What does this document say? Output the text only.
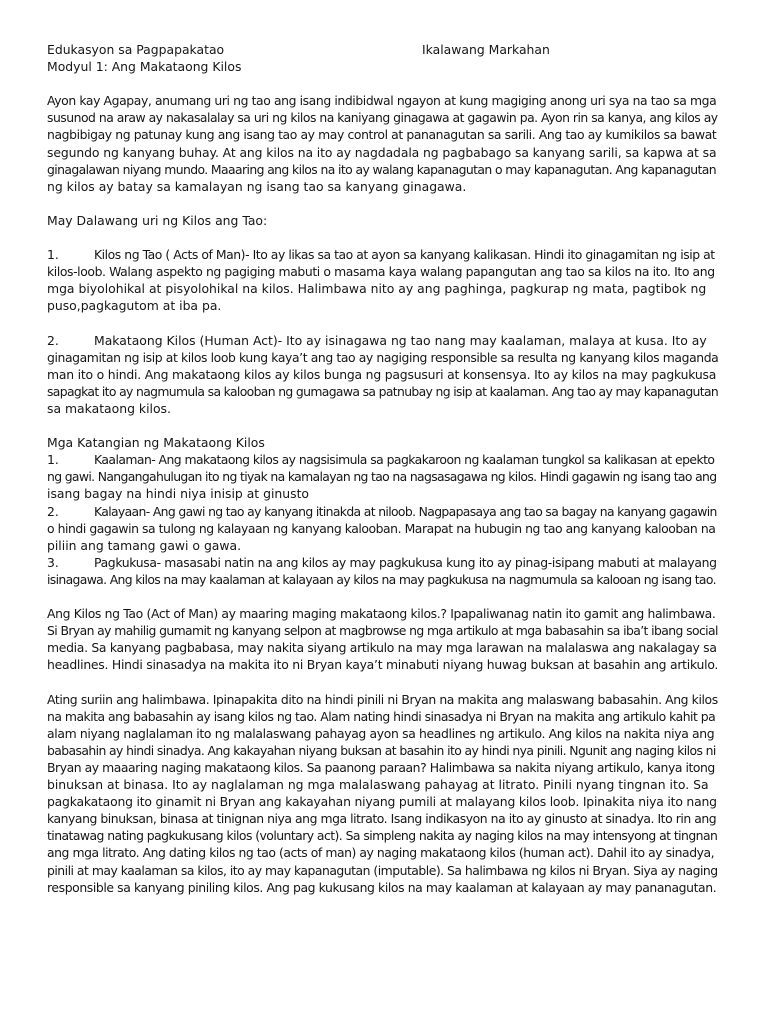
Edukasyon sa Pagpapakatao	Ikalawang Markahan
Modyul 1: Ang Makataong Kilos
Ayon kay Agapay, anumang uri ng tao ang isang indibidwal ngayon at kung magiging anong uri sya na tao sa mga
susunod na araw ay nakasalalay sa uri ng kilos na kaniyang ginagawa at gagawin pa. Ayon rin sa kanya, ang kilos ay
nagbibigay ng patunay kung ang isang tao ay may control at pananagutan sa sarili. Ang tao ay kumikilos sa bawat
segundo ng kanyang buhay. At ang kilos na ito ay nagdadala ng pagbabago sa kanyang sarili, sa kapwa at sa
ginagalawan niyang mundo. Maaaring ang kilos na ito ay walang kapanagutan o may kapanagutan. Ang kapanagutan
ng kilos ay batay sa kamalayan ng isang tao sa kanyang ginagawa.
May Dalawang uri ng Kilos ang Tao:
1.	Kilos ng Tao ( Acts of Man)- Ito ay likas sa tao at ayon sa kanyang kalikasan. Hindi ito ginagamitan ng isip at
kilos-loob. Walang aspekto ng pagiging mabuti o masama kaya walang papangutan ang tao sa kilos na ito. Ito ang
mga biyolohikal at pisyolohikal na kilos. Halimbawa nito ay ang paghinga, pagkurap ng mata, pagtibok ng
puso,pagkagutom at iba pa.
2.	Makataong Kilos (Human Act)- Ito ay isinagawa ng tao nang may kaalaman, malaya at kusa. Ito ay
ginagamitan ng isip at kilos loob kung kaya’t ang tao ay nagiging responsible sa resulta ng kanyang kilos maganda
man ito o hindi. Ang makataong kilos ay kilos bunga ng pagsusuri at konsensya. Ito ay kilos na may pagkukusa
sapagkat ito ay nagmumula sa kalooban ng gumagawa sa patnubay ng isip at kaalaman. Ang tao ay may kapanagutan
sa makataong kilos.
Mga Katangian ng Makataong Kilos
1.	Kaalaman- Ang makataong kilos ay nagsisimula sa pagkakaroon ng kaalaman tungkol sa kalikasan at epekto
ng gawi. Nangangahulugan ito ng tiyak na kamalayan ng tao na nagsasagawa ng kilos. Hindi gagawin ng isang tao ang
isang bagay na hindi niya inisip at ginusto
2.	Kalayaan- Ang gawi ng tao ay kanyang itinakda at niloob. Nagpapasaya ang tao sa bagay na kanyang gagawin
o hindi gagawin sa tulong ng kalayaan ng kanyang kalooban. Marapat na hubugin ng tao ang kanyang kalooban na
piliin ang tamang gawi o gawa.
3.	Pagkukusa- masasabi natin na ang kilos ay may pagkukusa kung ito ay pinag-isipang mabuti at malayang
isinagawa. Ang kilos na may kaalaman at kalayaan ay kilos na may pagkukusa na nagmumula sa kalooan ng isang tao.
Ang Kilos ng Tao (Act of Man) ay maaring maging makataong kilos.? Ipapaliwanag natin ito gamit ang halimbawa.
Si Bryan ay mahilig gumamit ng kanyang selpon at magbrowse ng mga artikulo at mga babasahin sa iba’t ibang social
media. Sa kanyang pagbabasa, may nakita siyang artikulo na may mga larawan na malalaswa ang nakalagay sa
headlines. Hindi sinasadya na makita ito ni Bryan kaya’t minabuti niyang huwag buksan at basahin ang artikulo.
Ating suriin ang halimbawa. Ipinapakita dito na hindi pinili ni Bryan na makita ang malaswang babasahin. Ang kilos
na makita ang babasahin ay isang kilos ng tao. Alam nating hindi sinasadya ni Bryan na makita ang artikulo kahit pa
alam niyang naglalaman ito ng malalaswang pahayag ayon sa headlines ng artikulo. Ang kilos na nakita niya ang
babasahin ay hindi sinadya. Ang kakayahan niyang buksan at basahin ito ay hindi nya pinili. Ngunit ang naging kilos ni
Bryan ay maaaring naging makataong kilos. Sa paanong paraan? Halimbawa sa nakita niyang artikulo, kanya itong
binuksan at binasa. Ito ay naglalaman ng mga malalaswang pahayag at litrato. Pinili nyang tingnan ito. Sa
pagkakataong ito ginamit ni Bryan ang kakayahan niyang pumili at malayang kilos loob. Ipinakita niya ito nang
kanyang binuksan, binasa at tinignan niya ang mga litrato. Isang indikasyon na ito ay ginusto at sinadya. Ito rin ang
tinatawag nating pagkukusang kilos (voluntary act). Sa simpleng nakita ay naging kilos na may intensyong at tingnan
ang mga litrato. Ang dating kilos ng tao (acts of man) ay naging makataong kilos (human act). Dahil ito ay sinadya,
pinili at may kaalaman sa kilos, ito ay may kapanagutan (imputable). Sa halimbawa ng kilos ni Bryan. Siya ay naging
responsible sa kanyang piniling kilos. Ang pag kukusang kilos na may kaalaman at kalayaan ay may pananagutan.
